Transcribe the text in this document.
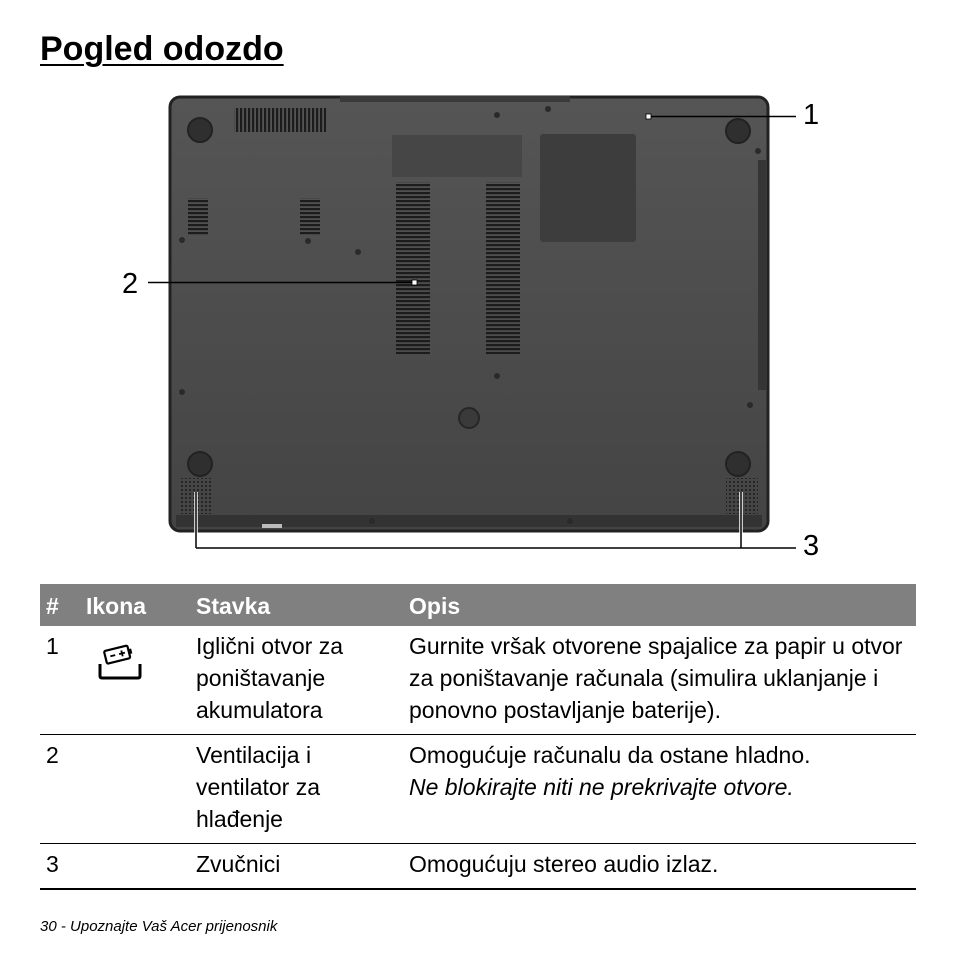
Pogled odozdo
1
2
3
#	Ikona	Stavka	Opis
1		Iglični otvor za poništavanje akumulatora	Gurnite vršak otvorene spajalice za papir u otvor za poništavanje računala (simulira uklanjanje i ponovno postavljanje baterije).

2		Ventilacija i ventilator za hlađenje	Omogućuje računalu da ostane hladno.
Ne blokirajte niti ne prekrivajte otvore.

3		Zvučnici	Omogućuju stereo audio izlaz.
30 - Upoznajte Vaš Acer prijenosnik
